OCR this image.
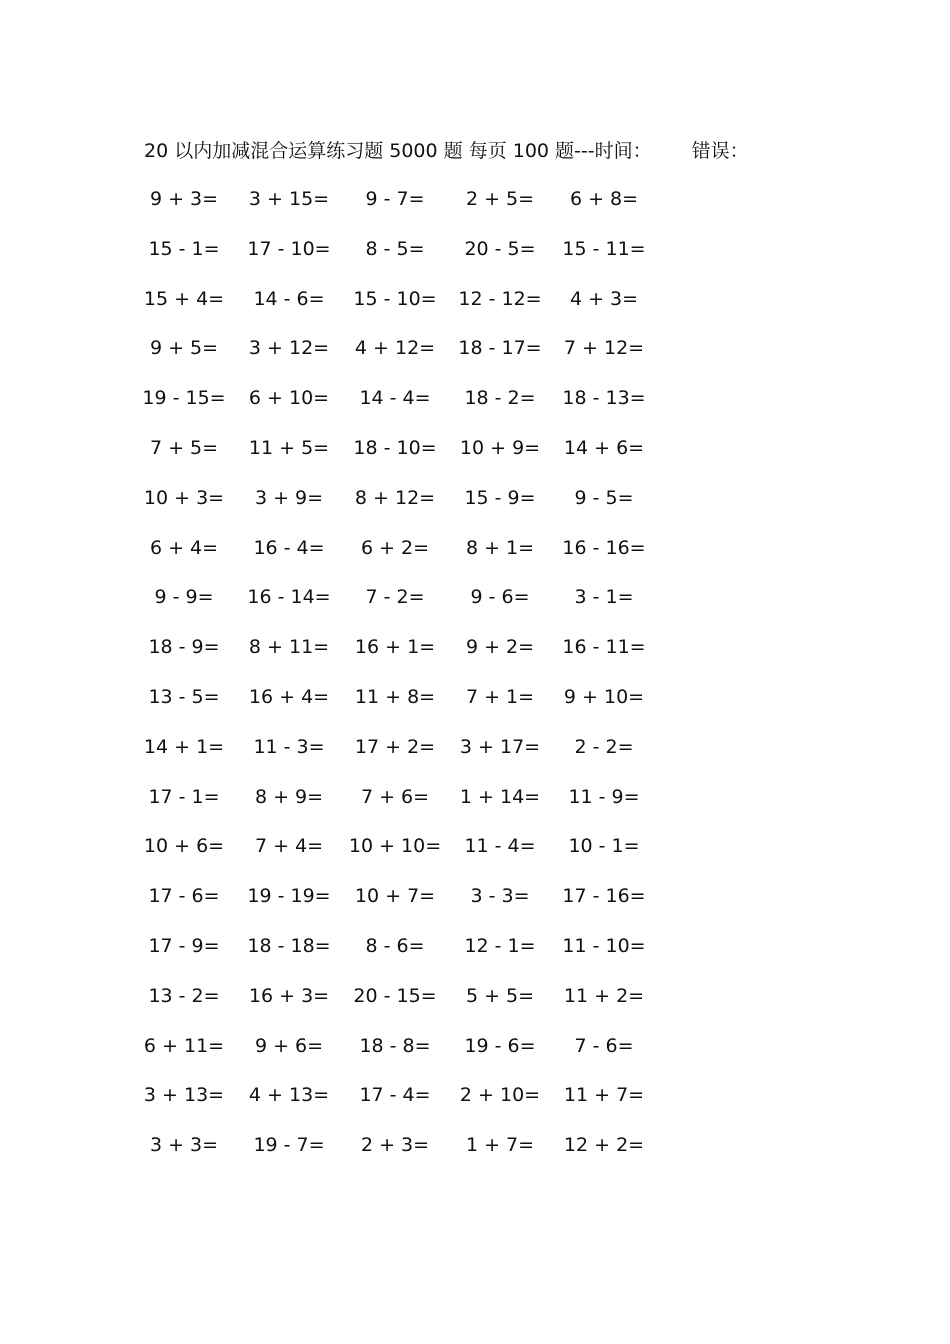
20 以内加减混合运算练习题 5000 题 每页 100 题---时间： 错误：
9 + 3= 3 + 15= 9 - 7= 2 + 5= 6 + 8=
15 - 1= 17 - 10= 8 - 5= 20 - 5= 15 - 11=
15 + 4= 14 - 6= 15 - 10= 12 - 12= 4 + 3=
9 + 5= 3 + 12= 4 + 12= 18 - 17= 7 + 12=
19 - 15= 6 + 10= 14 - 4= 18 - 2= 18 - 13=
7 + 5= 11 + 5= 18 - 10= 10 + 9= 14 + 6=
10 + 3= 3 + 9= 8 + 12= 15 - 9= 9 - 5=
6 + 4= 16 - 4= 6 + 2= 8 + 1= 16 - 16=
9 - 9= 16 - 14= 7 - 2= 9 - 6= 3 - 1=
18 - 9= 8 + 11= 16 + 1= 9 + 2= 16 - 11=
13 - 5= 16 + 4= 11 + 8= 7 + 1= 9 + 10=
14 + 1= 11 - 3= 17 + 2= 3 + 17= 2 - 2=
17 - 1= 8 + 9= 7 + 6= 1 + 14= 11 - 9=
10 + 6= 7 + 4= 10 + 10= 11 - 4= 10 - 1=
17 - 6= 19 - 19= 10 + 7= 3 - 3= 17 - 16=
17 - 9= 18 - 18= 8 - 6= 12 - 1= 11 - 10=
13 - 2= 16 + 3= 20 - 15= 5 + 5= 11 + 2=
6 + 11= 9 + 6= 18 - 8= 19 - 6= 7 - 6=
3 + 13= 4 + 13= 17 - 4= 2 + 10= 11 + 7=
3 + 3= 19 - 7= 2 + 3= 1 + 7= 12 + 2=
